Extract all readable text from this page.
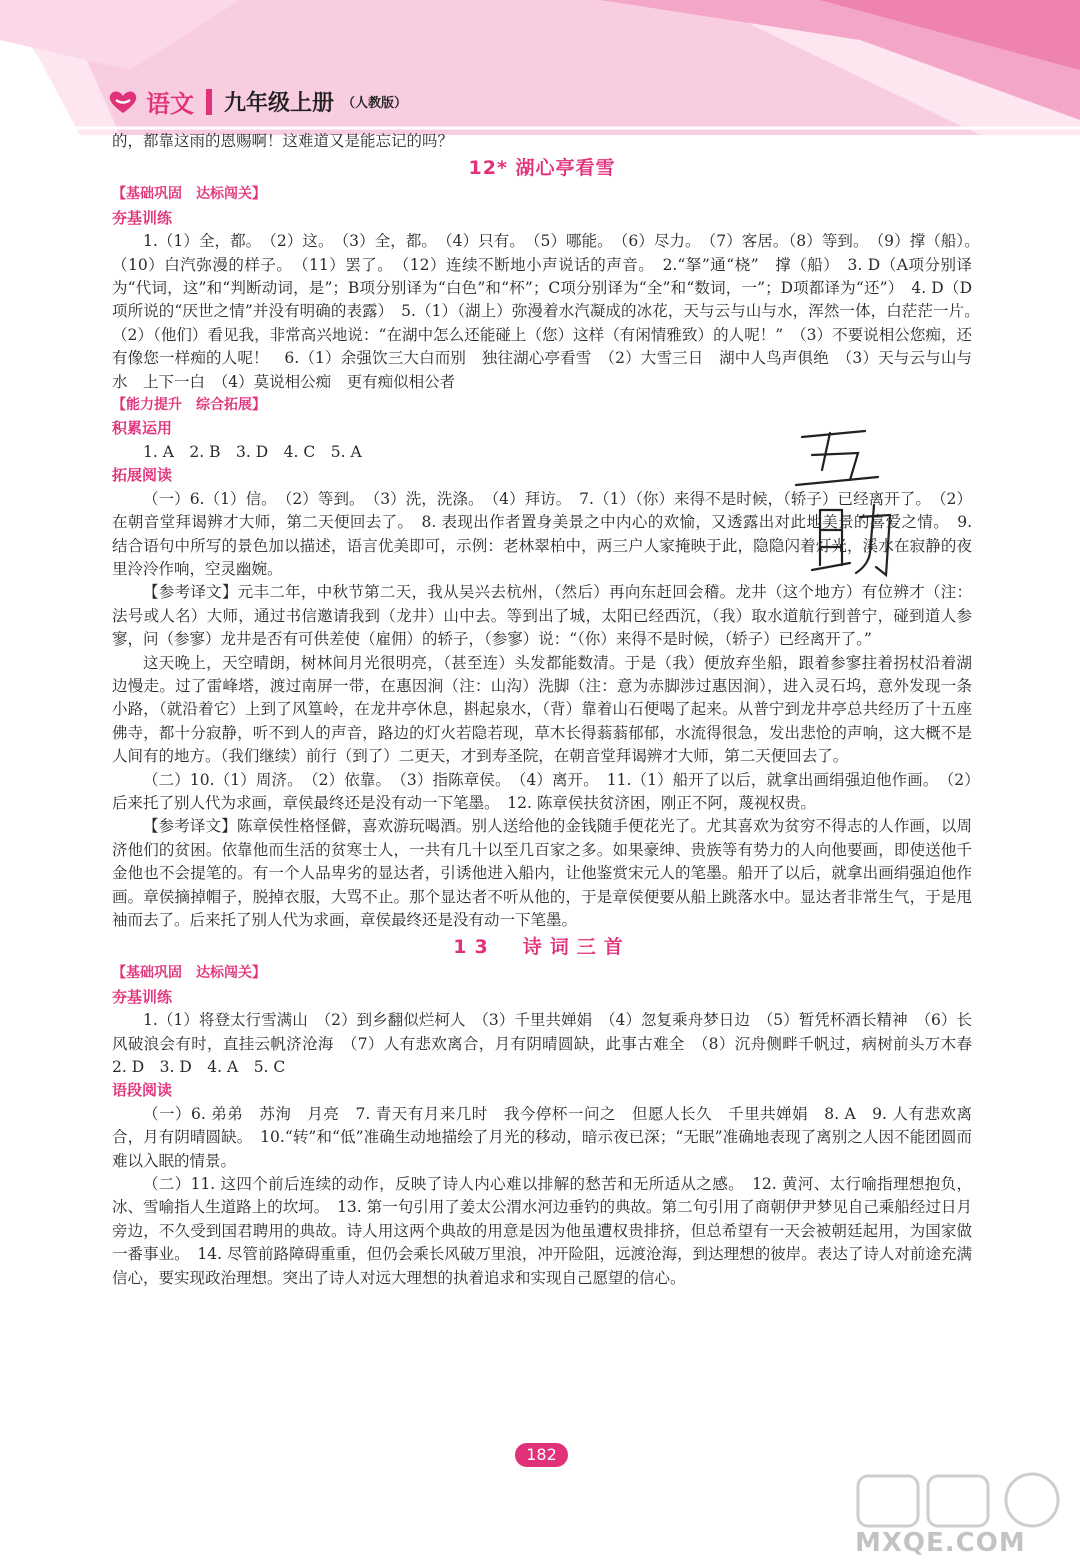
语文 九年级上册 （人教版）

的，都靠这雨的恩赐啊！这难道又是能忘记的吗？

12* 湖心亭看雪

【基础巩固　达标闯关】

夯基训练

1.（1）全，都。　（2）这。　（3）全，都。　（4）只有。　（5）哪能。　（6）尽力。　（7）客居。（8）等到。　（9）撑（船）。　（10）白汽弥漫的样子。　（11）罢了。　（12）连续不断地小声说话的声音。　2.“拏”通“桡”　撑（船）　3. D（A项分别译为“代词，这”和“判断动词，是”；B项分别译为“白色”和“杯”；C项分别译为“全”和“数词，一”；D项都译为“还”）　4. D（D项所说的“厌世之情”并没有明确的表露）　5.（1）（湖上）弥漫着水汽凝成的冰花，天与云与山与水，浑然一体，白茫茫一片。　（2）（他们）看见我，非常高兴地说：“在湖中怎么还能碰上（您）这样（有闲情雅致）的人呢！”　（3）不要说相公您痴，还有像您一样痴的人呢！　6.（1）余强饮三大白而别　独往湖心亭看雪　（2）大雪三日　湖中人鸟声俱绝　（3）天与云与山与水　上下一白　（4）莫说相公痴　更有痴似相公者

【能力提升　综合拓展】

积累运用

1. A　2. B　3. D　4. C　5. A

拓展阅读

（一）6.（1）信。　（2）等到。　（3）洗，洗涤。　（4）拜访。　7.（1）（你）来得不是时候，（轿子）已经离开了。　（2）在朝音堂拜谒辨才大师，第二天便回去了。　8. 表现出作者置身美景之中内心的欢愉，又透露出对此地美景的喜爱之情。　9. 结合语句中所写的景色加以描述，语言优美即可，示例：老林翠柏中，两三户人家掩映于此，隐隐闪着灯光，溪水在寂静的夜里泠泠作响，空灵幽婉。

【参考译文】元丰二年，中秋节第二天，我从吴兴去杭州，（然后）再向东赶回会稽。龙井（这个地方）有位辨才（注：法号或人名）大师，通过书信邀请我到（龙井）山中去。等到出了城，太阳已经西沉，（我）取水道航行到普宁，碰到道人参寥，问（参寥）龙井是否有可供差使（雇佣）的轿子，（参寥）说：“（你）来得不是时候，（轿子）已经离开了。”

这天晚上，天空晴朗，树林间月光很明亮，（甚至连）头发都能数清。于是（我）便放弃坐船，跟着参寥拄着拐杖沿着湖边慢走。过了雷峰塔，渡过南屏一带，在惠因涧（注：山沟）洗脚（注：意为赤脚涉过惠因涧），进入灵石坞，意外发现一条小路，（就沿着它）上到了风篁岭，在龙井亭休息，斟起泉水，（背）靠着山石便喝了起来。从普宁到龙井亭总共经历了十五座佛寺，都十分寂静，听不到人的声音，路边的灯火若隐若现，草木长得蓊蓊郁郁，水流得很急，发出悲怆的声响，这大概不是人间有的地方。（我们继续）前行（到了）二更天，才到寿圣院，在朝音堂拜谒辨才大师，第二天便回去了。

（二）10.（1）周济。　（2）依靠。　（3）指陈章侯。　（4）离开。　11.（1）船开了以后，就拿出画绢强迫他作画。　（2）后来托了别人代为求画，章侯最终还是没有动一下笔墨。　12. 陈章侯扶贫济困，刚正不阿，蔑视权贵。

【参考译文】陈章侯性格怪僻，喜欢游玩喝酒。别人送给他的金钱随手便花光了。尤其喜欢为贫穷不得志的人作画，以周济他们的贫困。依靠他而生活的贫寒士人，一共有几十以至几百家之多。如果豪绅、贵族等有势力的人向他要画，即使送他千金他也不会提笔的。有一个人品卑劣的显达者，引诱他进入船内，让他鉴赏宋元人的笔墨。船开了以后，就拿出画绢强迫他作画。章侯摘掉帽子，脱掉衣服，大骂不止。那个显达者不听从他的，于是章侯便要从船上跳落水中。显达者非常生气，于是甩袖而去了。后来托了别人代为求画，章侯最终还是没有动一下笔墨。

13　诗词三首

【基础巩固　达标闯关】

夯基训练

1.（1）将登太行雪满山　（2）到乡翻似烂柯人　（3）千里共婵娟　（4）忽复乘舟梦日边　（5）暂凭杯酒长精神　（6）长风破浪会有时，直挂云帆济沧海　（7）人有悲欢离合，月有阴晴圆缺，此事古难全　（8）沉舟侧畔千帆过，病树前头万木春　2. D　3. D　4. A　5. C

语段阅读

（一）6. 弟弟　苏洵　月亮　7. 青天有月来几时　我今停杯一问之　但愿人长久　千里共婵娟　8. A　9. 人有悲欢离合，月有阴晴圆缺。　10.“转”和“低”准确生动地描绘了月光的移动，暗示夜已深；“无眠”准确地表现了离别之人因不能团圆而难以入眠的情景。

（二）11. 这四个前后连续的动作，反映了诗人内心难以排解的愁苦和无所适从之感。　12. 黄河、太行喻指理想抱负，冰、雪喻指人生道路上的坎坷。　13. 第一句引用了姜太公渭水河边垂钓的典故。第二句引用了商朝伊尹梦见自己乘船经过日月旁边，不久受到国君聘用的典故。诗人用这两个典故的用意是因为他虽遭权贵排挤，但总希望有一天会被朝廷起用，为国家做一番事业。　14. 尽管前路障碍重重，但仍会乘长风破万里浪，冲开险阻，远渡沧海，到达理想的彼岸。表达了诗人对前途充满信心，要实现政治理想。突出了诗人对远大理想的执着追求和实现自己愿望的信心。

182
MXQE.COM
